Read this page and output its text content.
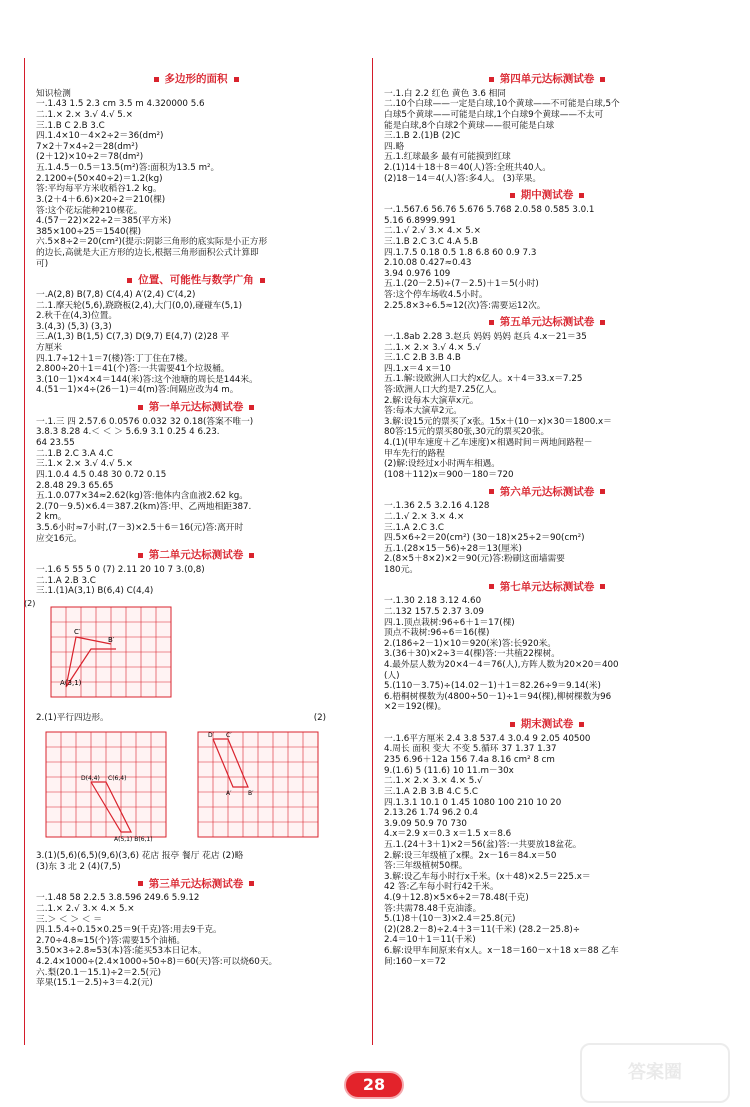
多边形的面积
知识检测
一.1.43 1.5 2.3 cm 3.5 m 4.320000 5.6
二.1.× 2.× 3.√ 4.√ 5.×
三.1.B C 2.B 3.C
四.1.4×10－4×2÷2＝36(dm²)
7×2＋7×4÷2＝28(dm²)
(2＋12)×10÷2＝78(dm²)
五.1.4.5－0.5＝13.5(m²)答:面积为13.5 m²。
2.1200÷(50×40÷2)＝1.2(kg)
答:平均每平方米收稻谷1.2 kg。
3.(2＋4＋6.6)×20÷2＝210(棵)
答:这个花坛能种210棵花。
4.(57－22)×22÷2＝385(平方米)
385×100÷25＝1540(棵)
六.5×8÷2＝20(cm²)(提示:阴影三角形的底实际是小正方形
的边长,高就是大正方形的边长,根据三角形面积公式计算即
可)
位置、可能性与数学广角
一.A(2,8) B(7,8) C(4,4) A′(2,4) C′(4,2)
二.1.摩天轮(5,6),跷跷板(2,4),大门(0,0),碰碰车(5,1)
2.秋千在(4,3)位置。
3.(4,3) (5,3) (3,3)
三.A(1,3) B(1,5) C(7,3) D(9,7) E(4,7) (2)28 平
方厘米
四.1.7÷12＋1＝7(楼)答:丁丁住在7楼。
2.800÷20＋1＝41(个)答:一共需要41个垃圾桶。
3.(10－1)×4×4＝144(米)答:这个池塘的周长是144米。
4.(51－1)×4÷(26－1)＝4(m)答:间隔应改为4 m。
第一单元达标测试卷
一.1.三 四 2.57.6 0.0576 0.032 32 0.18(答案不唯一)
3.8.3 8.28 4.＜ ＜ ＞ 5.6.9 3.1 0.25 4 6.23.
64 23.55
二.1.B 2.C 3.A 4.C
三.1.× 2.× 3.√ 4.√ 5.×
四.1.0.4 4.5 0.48 30 0.72 0.15
2.8.48 29.3 65.65
五.1.0.077×34≈2.62(kg)答:他体内含血液2.62 kg。
2.(70－9.5)×6.4＝387.2(km)答:甲、乙两地相距387.
2 km。
3.5.6小时≈7小时,(7－3)×2.5＋6＝16(元)答:离开时
应交16元。
第二单元达标测试卷
一.1.6 5 55 5 0 (7) 2.11 20 10 7 3.(0,8)
二.1.A 2.B 3.C
三.1.(1)A(3,1) B(6,4) C(4,4)
C′
B′
A(3,1)
(2)
2.(1)平行四边形。	(2)
D(4,4) C(6,4)
A(5,1) B(6,1)
D′ C′
A′	B′
3.(1)(5,6)(6,5)(9,6)(3,6) 花店 报亭 餐厅 花店 (2)略
(3)东 3 北 2 (4)(7,5)
第三单元达标测试卷
一.1.48 58 2.2.5 3.8.596 249.6 5.9.12
二.1.× 2.√ 3.× 4.× 5.×
三.＞ ＜ ＞ ＜ ＝
四.1.5.4÷0.15×0.25＝9(千克)答:用去9千克。
2.70÷4.8≈15(个)答:需要15个油桶。
3.50×3÷2.8≈53(本)答:能买53本日记本。
4.2.4×1000÷(2.4×1000÷50÷8)＝60(天)答:可以烧60天。
六.梨(20.1－15.1)÷2＝2.5(元)
苹果(15.1－2.5)÷3＝4.2(元)
第四单元达标测试卷
一.1.白 2.2 红色 黄色 3.6 相同
二.10个白球——一定是白球,10个黄球——不可能是白球,5个
白球5个黄球——可能是白球,1个白球9个黄球——不太可
能是白球,8个白球2个黄球——很可能是白球
三.1.B 2.(1)B (2)C
四.略
五.1.红球最多 最有可能摸到红球
2.(1)14＋18＋8＝40(人)答:全班共40人。
(2)18－14＝4(人)答:多4人。 (3)苹果。
期中测试卷
一.1.567.6 56.76 5.676 5.768 2.0.58 0.585 3.0.1
5.16 6.8999.991
二.1.√ 2.√ 3.× 4.× 5.×
三.1.B 2.C 3.C 4.A 5.B
四.1.7.5 0.18 0.5 1.8 6.8 60 0.9 7.3
2.10.08 0.427≈0.43
3.94 0.976 109
五.1.(20－2.5)÷(7－2.5)＋1＝5(小时)
答:这个停车场收4.5小时。
2.25.8×3÷6.5≈12(次)答:需要运12次。
第五单元达标测试卷
一.1.8ab 2.28 3.赵兵 妈妈 妈妈 赵兵 4.x－21＝35
二.1.× 2.× 3.√ 4.× 5.√
三.1.C 2.B 3.B 4.B
四.1.x＝4 x＝10
五.1.解:设欧洲人口大约x亿人。x＋4＝33.x＝7.25
答:欧洲人口大约是7.25亿人。
2.解:设每本大演草x元。
答:每本大演草2元。
3.解:设15元的票买了x张。15x＋(10－x)×30＝1800.x＝
80答:15元的票买80张,30元的票买20张。
4.(1)(甲车速度＋乙车速度)×相遇时间＝两地间路程－
甲车先行的路程
(2)解:设经过x小时两车相遇。
(108＋112)x＝900－180＝720
第六单元达标测试卷
一.1.36 2.5 3.2.16 4.128
二.1.√ 2.× 3.× 4.×
三.1.A 2.C 3.C
四.5×6÷2＝20(cm²) (30－18)×25÷2＝90(cm²)
五.1.(28×15－56)÷28＝13(厘米)
2.(8×5＋8×2)×2＝90(元)答:粉刷这面墙需要
180元。
第七单元达标测试卷
一.1.30 2.18 3.12 4.60
二.132 157.5 2.37 3.09
四.1.顶点栽树:96÷6＋1＝17(棵)
顶点不栽树:96÷6＝16(棵)
2.(186÷2－1)×10＝920(米)答:长920米。
3.(36＋30)×2÷3＝4(棵)答:一共植22棵树。
4.最外层人数为20×4－4＝76(人),方阵人数为20×20＝400
(人)
5.(110－3.75)÷(14.02－1)＋1＝82.26÷9＝9.14(米)
6.梧桐树棵数为(4800÷50－1)÷1＝94(棵),柳树棵数为96
×2＝192(棵)。
期末测试卷
一.1.6平方厘米 2.4 3.8 537.4 3.0.4 9 2.05 40500
4.周长 面积 变大 不变 5.循环 37 1.37 1.37
235 6.96＋12a 156 7.4a 8.16 cm² 8 cm
9.(1.6) 5 (11.6) 10 11.m－30x
二.1.× 2.× 3.× 4.× 5.√
三.1.A 2.B 3.B 4.C 5.C
四.1.3.1 10.1 0 1.45 1080 100 210 10 20
2.13.26 1.74 96.2 0.4
3.9.09 50.9 70 730
4.x＝2.9 x＝0.3 x＝1.5 x＝8.6
五.1.(24＋3＋1)×2＝56(盆)答:一共要放18盆花。
2.解:设三年级植了x棵。2x－16＝84.x＝50
答:三年级植树50棵。
3.解:设乙车每小时行x千米。(x＋48)×2.5＝225.x＝
42 答:乙车每小时行42千米。
4.(9＋12.8)×5×6÷2＝78.48(千克)
答:共需78.48千克油漆。
5.(1)8＋(10－3)×2.4＝25.8(元)
(2)(28.2－8)÷2.4＋3＝11(千米) (28.2－25.8)÷
2.4＝10＋1＝11(千米)
6.解:设甲车间原来有x人。x－18＝160－x＋18 x＝88 乙车
间:160－x＝72
28
答案圈
